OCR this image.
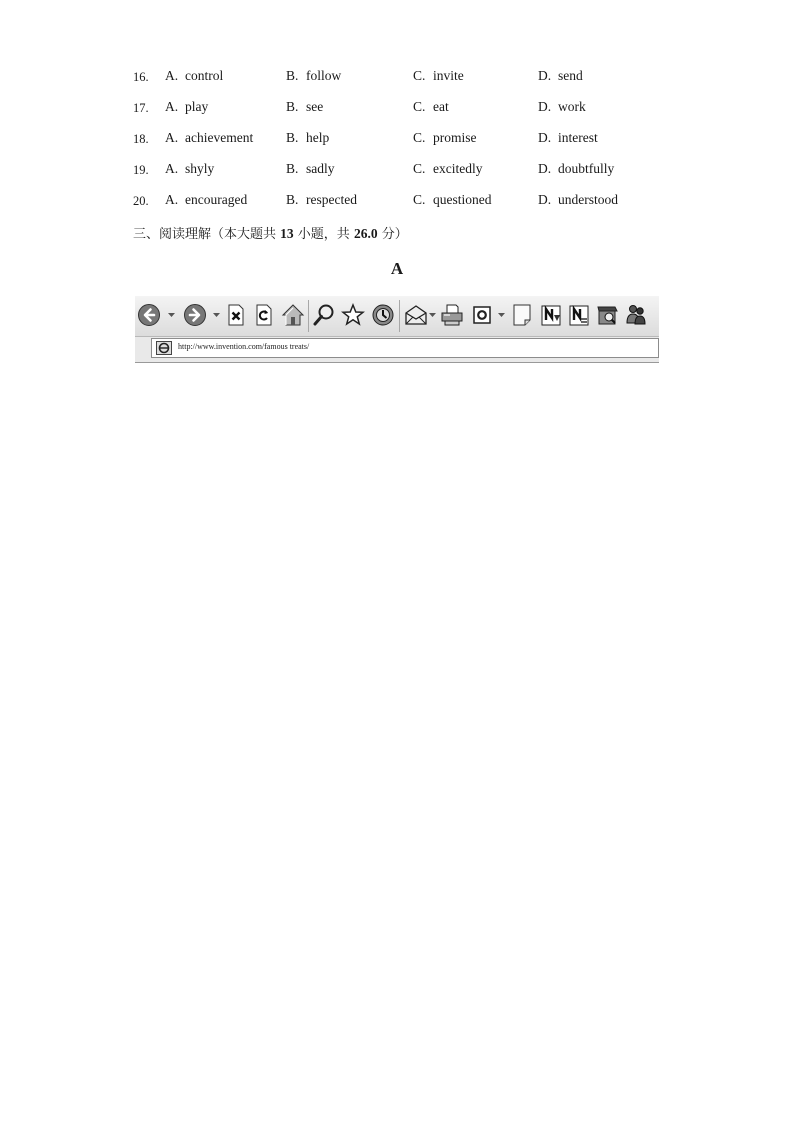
16. A. control	B. follow	C. invite	D. send
17. A. play	B. see	C. eat	D. work
18. A. achievement B. help	C. promise	D. interest
19. A. shyly	B. sadly	C. excitedly	D. doubtfully
20. A. encouraged	B. respected	C. questioned	D. understood
三、阅读理解（本大题共 13 小题，共 26.0 分）
A
http://www.invention.com/famous treats/
